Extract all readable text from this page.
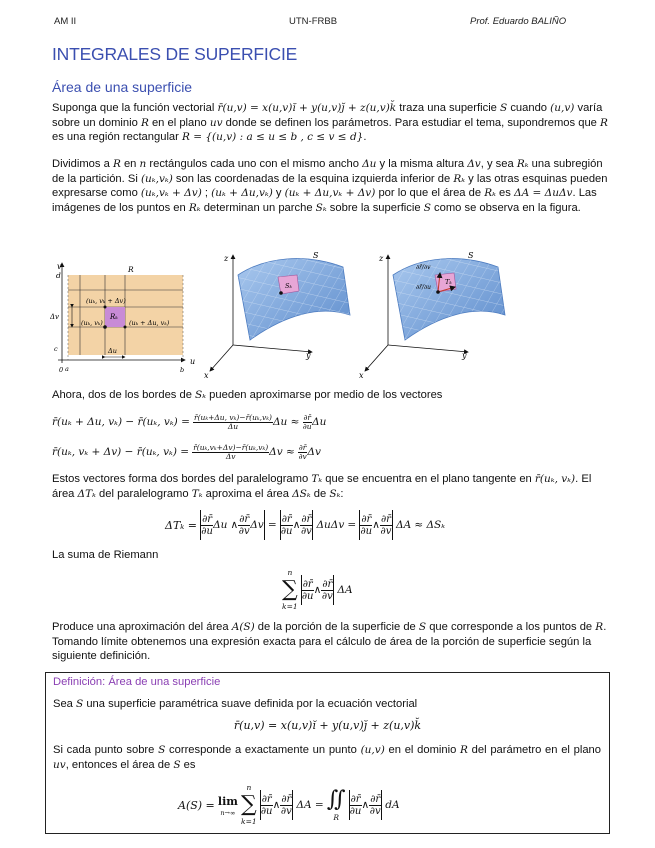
AM II	UTN-FRBB	Prof. Eduardo BALIÑO
INTEGRALES DE SUPERFICIE
Área de una superficie

Suponga que la función vectorial r̄(u,v) = x(u,v)ĭ + y(u,v)j̆ + z(u,v)k̆ traza una superficie S cuando (u,v) varía sobre un dominio R en el plano uv donde se definen los parámetros. Para estudiar el tema, supondremos que R es una región rectangular R = {(u,v) : a ≤ u ≤ b , c ≤ v ≤ d}.

Dividimos a R en n rectángulos cada uno con el mismo ancho Δu y la misma altura Δv, y sea Rₖ una subregión de la partición. Si (uₖ,vₖ) son las coordenadas de la esquina izquierda inferior de Rₖ y las otras esquinas pueden expresarse como (uₖ,vₖ + Δv) ; (uₖ + Δu,vₖ) y (uₖ + Δu,vₖ + Δv) por lo que el área de Rₖ es ΔA = ΔuΔv. Las imágenes de los puntos en Rₖ determinan un parche Sₖ sobre la superficie S como se observa en la figura.

v
d
R
Δv
c
(uₖ, vₖ + Δv)
(uₖ, vₖ)
Rₖ
(uₖ + Δu, vₖ)
Δu
u
0 a	b
S
z
y
x
Sₖ
S
z
y
x
∂r̄/∂v
∂r̄/∂u
Tₖ

Ahora, dos de los bordes de Sₖ pueden aproximarse por medio de los vectores

r̄(uₖ + Δu, vₖ) − r̄(uₖ, vₖ) =
$\frac{\text{r̄(uₖ+Δu, vₖ)−r̄(uₖ,vₖ)}}{\Delta u}$ Δu ≈
$\frac{\partial r̄}{\partial u}$ Δu
r̄(uₖ, vₖ + Δv) − r̄(uₖ, vₖ) =
$\frac{\text{r̄(uₖ,vₖ+Δv)−r̄(uₖ,vₖ)}}{\Delta v}$ Δv ≈
$\frac{\partial r̄}{\partial v}$ Δv

Estos vectores forma dos bordes del paralelogramo Tₖ que se encuentra en el plano tangente en r̄(uₖ, vₖ). El área ΔTₖ del paralelogramo Tₖ aproxima el área ΔSₖ de Sₖ:

ΔTₖ =
$\frac{\partial r̄}{\partial u}$ Δu
∧ $\frac{\partial r̄}{\partial v}$ Δv
=
$\frac{\partial r̄}{\partial u}$ ∧ $\frac{\partial r̄}{\partial v}$
ΔuΔv
=
$\frac{\partial r̄}{\partial u}$ ∧ $\frac{\partial r̄}{\partial v}$
ΔA
≈ ΔSₖ
La suma de Riemann
n
∑
k=1
$\frac{\partial r̄}{\partial u}$ ∧ $\frac{\partial r̄}{\partial v}$
ΔA

Produce una aproximación del área A(S) de la porción de la superficie de S que corresponde a los puntos de R. Tomando límite obtenemos una expresión exacta para el cálculo de área de la porción de superficie según la siguiente definición.

Definición: Área de una superficie
Sea S una superficie paramétrica suave definida por la ecuación vectorial
r̄(u,v) = x(u,v)ĭ + y(u,v)j̆ + z(u,v)k̆
Si cada punto sobre S corresponde a exactamente un punto (u,v) en el dominio R del parámetro en el plano uv, entonces el área de S es
A(S) =
lim
n→∞

n
∑
k=1
$\frac{\partial r̄}{\partial u}$ ∧ $\frac{\partial r̄}{\partial v}$
ΔA =
∬
R
$\frac{\partial r̄}{\partial u}$ ∧ $\frac{\partial r̄}{\partial v}$
dA
